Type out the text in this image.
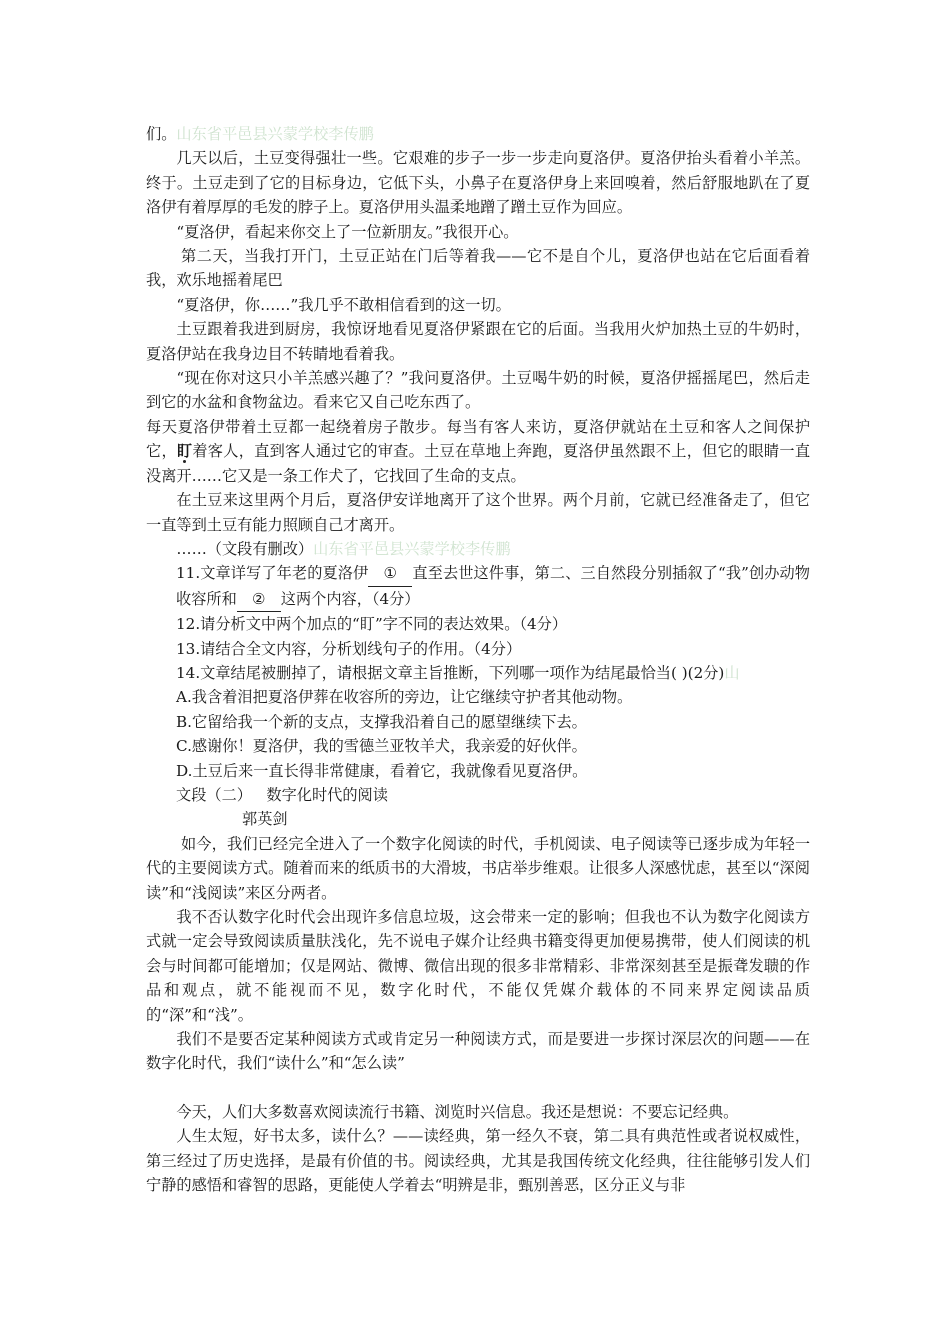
们。山东省平邑县兴蒙学校李传鹏

几天以后，土豆变得强壮一些。它艰难的步子一步一步走向夏洛伊。夏洛伊抬头看着小羊羔。终于。土豆走到了它的目标身边，它低下头，小鼻子在夏洛伊身上来回嗅着，然后舒服地趴在了夏洛伊有着厚厚的毛发的脖子上。夏洛伊用头温柔地蹭了蹭土豆作为回应。

“夏洛伊，看起来你交上了一位新朋友。”我很开心。

第二天，当我打开门，土豆正站在门后等着我——它不是自个儿，夏洛伊也站在它后面看着我，欢乐地摇着尾巴

“夏洛伊，你……”我几乎不敢相信看到的这一切。

土豆跟着我进到厨房，我惊讶地看见夏洛伊紧跟在它的后面。当我用火炉加热土豆的牛奶时，夏洛伊站在我身边目不转睛地看着我。

“现在你对这只小羊羔感兴趣了？”我问夏洛伊。土豆喝牛奶的时候，夏洛伊摇摇尾巴，然后走到它的水盆和食物盆边。看来它又自己吃东西了。

每天夏洛伊带着土豆都一起绕着房子散步。每当有客人来访，夏洛伊就站在土豆和客人之间保护它，盯着客人，直到客人通过它的审查。土豆在草地上奔跑，夏洛伊虽然跟不上，但它的眼睛一直没离开……它又是一条工作犬了，它找回了生命的支点。

在土豆来这里两个月后，夏洛伊安详地离开了这个世界。两个月前，它就已经准备走了，但它一直等到土豆有能力照顾自己才离开。

……（文段有删改）山东省平邑县兴蒙学校李传鹏

11.文章详写了年老的夏洛伊 ① 直至去世这件事，第二、三自然段分别插叙了“我”创办动物收容所和 ② 这两个内容，（4分）

12.请分析文中两个加点的“盯”字不同的表达效果。（4分）

13.请结合全文内容，分析划线句子的作用。（4分）

14.文章结尾被删掉了，请根据文章主旨推断，下列哪一项作为结尾最恰当( )(2分)山

A.我含着泪把夏洛伊葬在收容所的旁边，让它继续守护者其他动物。

B.它留给我一个新的支点，支撑我沿着自己的愿望继续下去。

C.感谢你！夏洛伊，我的雪德兰亚牧羊犬，我亲爱的好伙伴。

D.土豆后来一直长得非常健康，看着它，我就像看见夏洛伊。

文段（二）   数字化时代的阅读

郭英剑

如今，我们已经完全进入了一个数字化阅读的时代，手机阅读、电子阅读等已逐步成为年轻一代的主要阅读方式。随着而来的纸质书的大滑坡，书店举步维艰。让很多人深感忧虑，甚至以“深阅读”和“浅阅读”来区分两者。

我不否认数字化时代会出现许多信息垃圾，这会带来一定的影响；但我也不认为数字化阅读方式就一定会导致阅读质量肤浅化，先不说电子媒介让经典书籍变得更加便易携带，使人们阅读的机会与时间都可能增加；仅是网站、微博、微信出现的很多非常精彩、非常深刻甚至是振聋发聩的作品和观点，就不能视而不见，数字化时代，不能仅凭媒介载体的不同来界定阅读品质的“深”和“浅”。

我们不是要否定某种阅读方式或肯定另一种阅读方式，而是要进一步探讨深层次的问题——在数字化时代，我们“读什么”和“怎么读”

今天，人们大多数喜欢阅读流行书籍、浏览时兴信息。我还是想说：不要忘记经典。

人生太短，好书太多，读什么？——读经典，第一经久不衰，第二具有典范性或者说权威性，第三经过了历史选择，是最有价值的书。阅读经典，尤其是我国传统文化经典，往往能够引发人们宁静的感悟和睿智的思路，更能使人学着去“明辨是非，甄别善恶，区分正义与非
